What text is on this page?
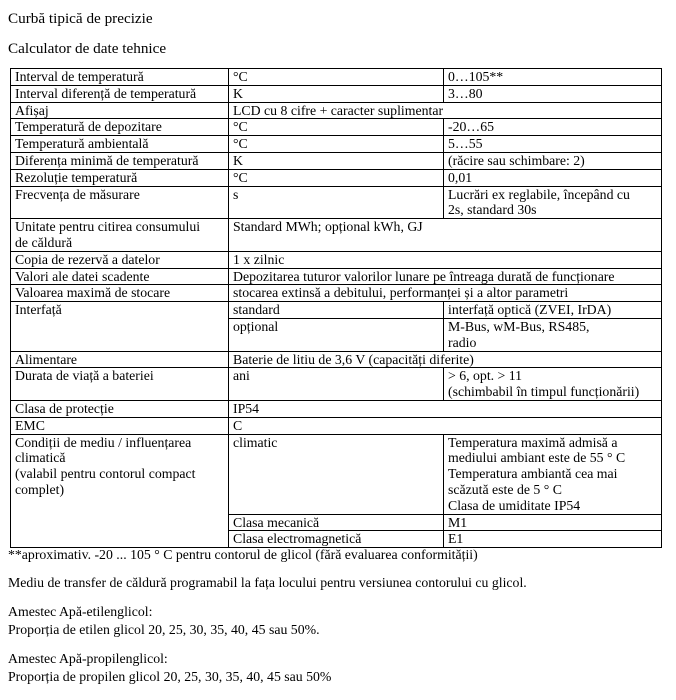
Curbă tipică de precizie
Calculator de date tehnice
Interval de temperatură	°C	0…105**
Interval diferență de temperatură	K	3…80
Afișaj	LCD cu 8 cifre + caracter suplimentar	
Temperatură de depozitare	°C	-20…65
Temperatură ambientală	°C	5…55
Diferența minimă de temperatură	K	(răcire sau schimbare: 2)
Rezoluție temperatură	°C	0,01
Frecvența de măsurare	s	Lucrări ex reglabile, începând cu
2s, standard 30s

Unitate pentru citirea consumului
de căldură	Standard MWh; opțional kWh, GJ	
Copia de rezervă a datelor	1 x zilnic	
Valori ale datei scadente	Depozitarea tuturor valorilor lunare pe întreaga durată de funcționare	
Valoarea maximă de stocare	stocarea extinsă a debitului, performanței și a altor parametri	
Interfață	standard	interfață optică (ZVEI, IrDA)
	opțional	M-Bus, wM-Bus, RS485,
radio

Alimentare	Baterie de litiu de 3,6 V (capacități diferite)	
Durata de viață a bateriei	ani	> 6, opt. > 11
(schimbabil în timpul funcționării)

Clasa de protecție	IP54	
EMC	C	

Condiții de mediu / influențarea
climatică
(valabil pentru contorul compact
complet)	climatic	Temperatura maximă admisă a
mediului ambiant este de 55 ° C
Temperatura ambiantă cea mai
scăzută este de 5 ° C
Clasa de umiditate IP54

	Clasa mecanică	M1
	Clasa electromagnetică	E1

**aproximativ. -20 ... 105 ° C pentru contorul de glicol (fără evaluarea conformității)

Mediu de transfer de căldură programabil la fața locului pentru versiunea contorului cu glicol.

Amestec Apă-etilenglicol:

Proporția de etilen glicol 20, 25, 30, 35, 40, 45 sau 50%.

Amestec Apă-propilenglicol:

Proporția de propilen glicol 20, 25, 30, 35, 40, 45 sau 50%
